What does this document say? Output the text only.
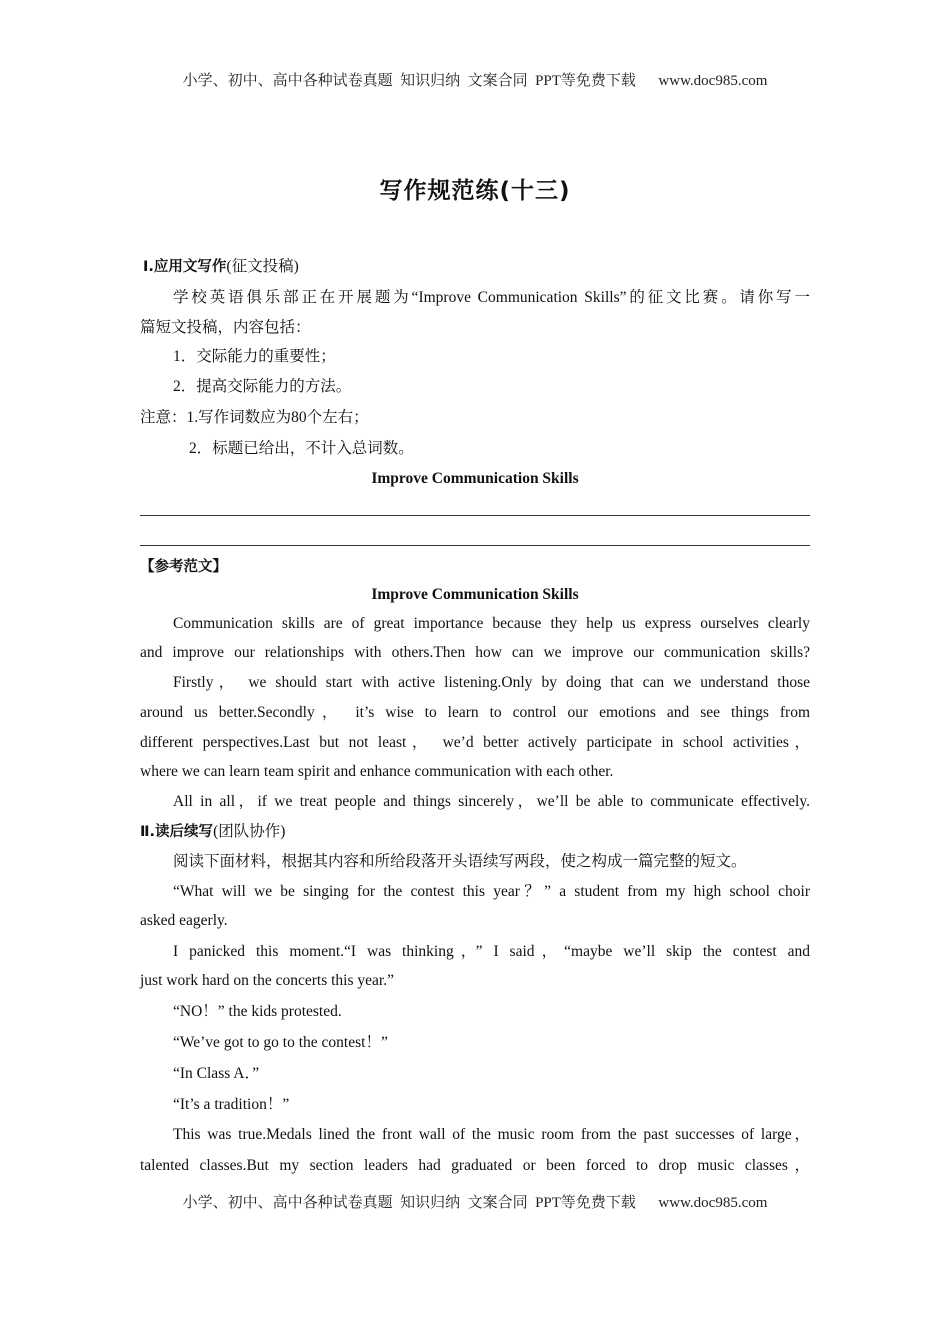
小学、初中、高中各种试卷真题  知识归纳  文案合同  PPT等免费下载      www.doc985.com
写作规范练(十三)
Ⅰ.应用文写作(征文投稿)
学校英语俱乐部正在开展题为“Improve Communication Skills”的征文比赛。请你写一
篇短文投稿，内容包括：
1．交际能力的重要性；
2．提高交际能力的方法。
注意：1.写作词数应为80个左右；
2．标题已给出，不计入总词数。
Improve Communication Skills
【参考范文】
Improve Communication Skills
Communication skills are of great importance because they help us express ourselves clearly
and improve our relationships with others.Then how can we improve our communication skills?
Firstly， we should start with active listening.Only by doing that can we understand those
around us better.Secondly， it’s wise to learn to control our emotions and see things from
different perspectives.Last but not least， we’d better actively participate in school activities，
where we can learn team spirit and enhance communication with each other.
All in all，if we treat people and things sincerely，we’ll be able to communicate effectively.
Ⅱ.读后续写(团队协作)
阅读下面材料，根据其内容和所给段落开头语续写两段，使之构成一篇完整的短文。
“What will we be singing for the contest this year？” a student from my high school choir
asked eagerly.
I panicked this moment.“I was thinking，” I said，“maybe we’ll skip the contest and
just work hard on the concerts this year.”
“NO！” the kids protested.
“We’ve got to go to the contest！”
“In Class A．”
“It’s a tradition！”
This was true.Medals lined the front wall of the music room from the past successes of large，
talented classes.But my section leaders had graduated or been forced to drop music classes，
小学、初中、高中各种试卷真题  知识归纳  文案合同  PPT等免费下载      www.doc985.com
